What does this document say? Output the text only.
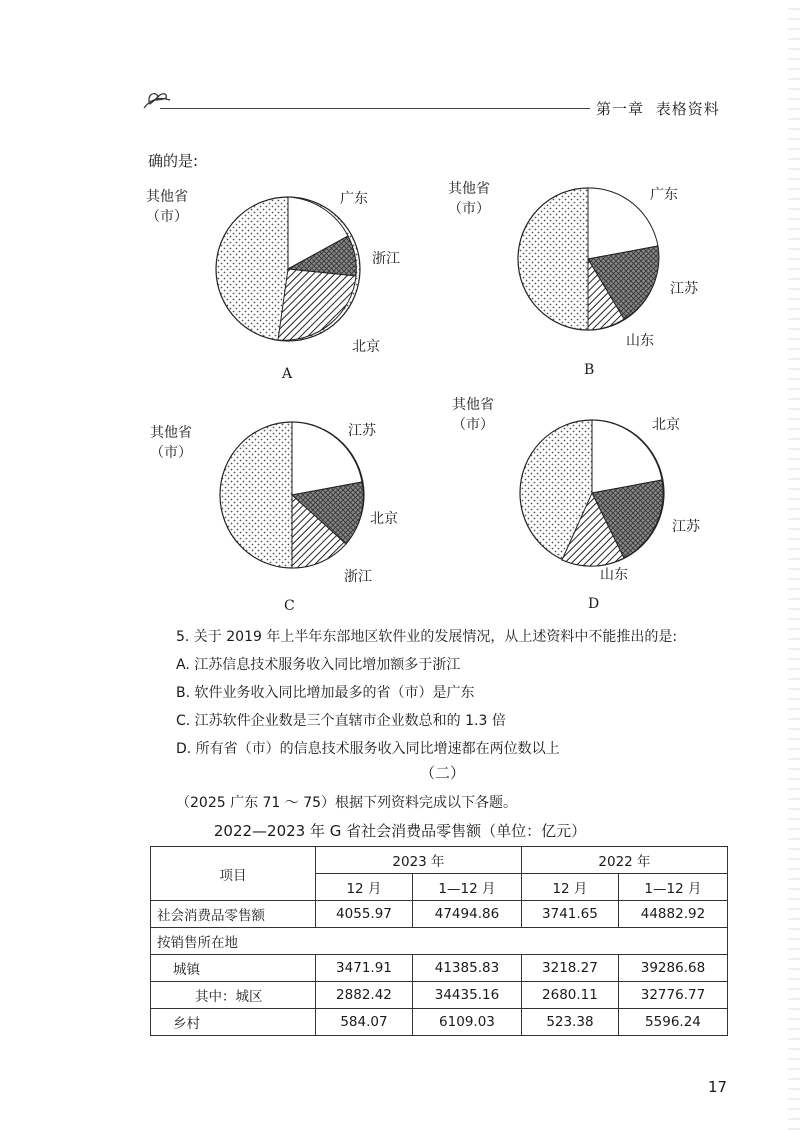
第一章 表格资料
确的是:
其他省
（市）
广东
浙江
北京
A
其他省
（市）
广东
江苏
山东
B
其他省
（市）
江苏
北京
浙江
C
其他省
（市）	北京
江苏
山东
D
5. 关于 2019 年上半年东部地区软件业的发展情况，从上述资料中不能推出的是:
A. 江苏信息技术服务收入同比增加额多于浙江
B. 软件业务收入同比增加最多的省（市）是广东
C. 江苏软件企业数是三个直辖市企业数总和的 1.3 倍
D. 所有省（市）的信息技术服务收入同比增速都在两位数以上
（二）
（2025 广东 71 ～ 75）根据下列资料完成以下各题。
2022—2023 年 G 省社会消费品零售额（单位：亿元）
项目	2023 年		2022 年	
	12 月	1—12 月	12 月	1—12 月
社会消费品零售额	4055.97	47494.86	3741.65	44882.92
按销售所在地				
城镇	3471.91	41385.83	3218.27	39286.68
其中：城区	2882.42	34435.16	2680.11	32776.77
乡村	584.07	6109.03	523.38	5596.24
17
